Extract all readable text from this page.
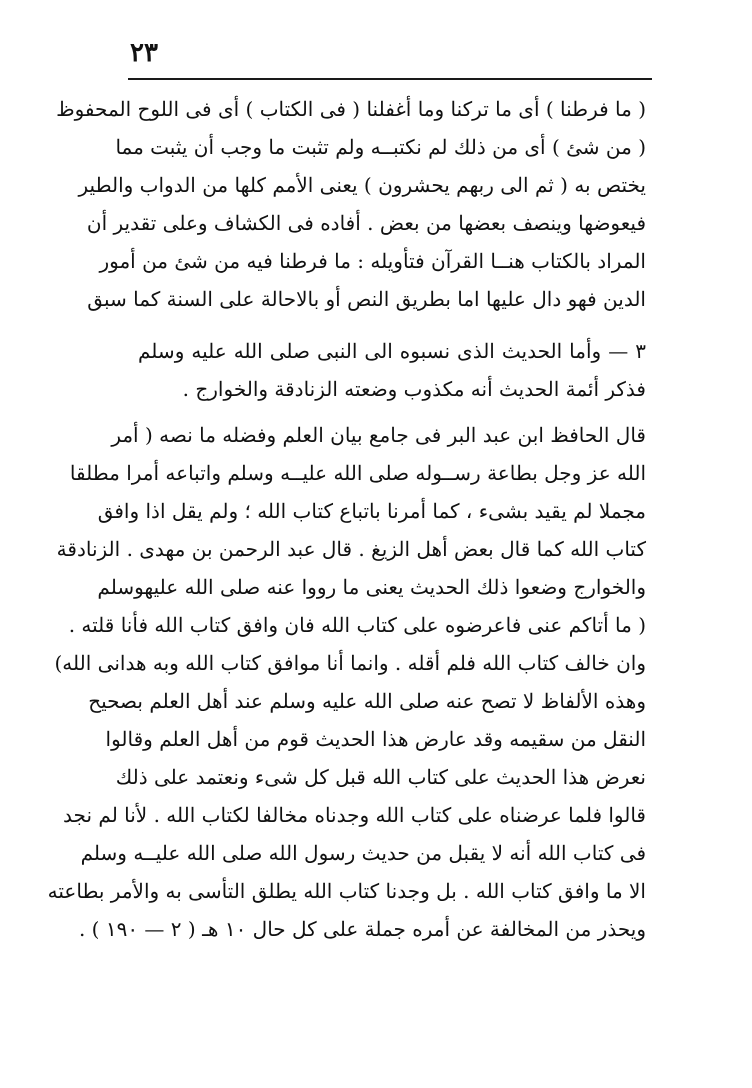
٢٣
( ما فرطنا ) أى ما تركنا وما أغفلنا ( فى الكتاب ) أى فى اللوح المحفوظ
( من شئ ) أى من ذلك لم نكتبــه ولم تثبت ما وجب أن يثبت مما
يختص به ( ثم الى ربهم يحشرون ) يعنى الأمم كلها من الدواب والطير
فيعوضها وينصف بعضها من بعض . أفاده فى الكشاف وعلى تقدير أن
المراد بالكتاب هنــا القرآن فتأويله : ما فرطنا فيه من شئ من أمور
الدين فهو دال عليها اما بطريق النص أو بالاحالة على السنة كما سبق
٣ — وأما الحديث الذى نسبوه الى النبى صلى الله عليه وسلم
فذكر أئمة الحديث أنه مكذوب وضعته الزنادقة والخوارج .
قال الحافظ ابن عبد البر فى جامع بيان العلم وفضله ما نصه ( أمر
الله عز وجل بطاعة رســوله صلى الله عليــه وسلم واتباعه أمرا مطلقا
مجملا لم يقيد بشىء ، كما أمرنا باتباع كتاب الله ؛ ولم يقل اذا وافق
كتاب الله كما قال بعض أهل الزيغ . قال عبد الرحمن بن مهدى . الزنادقة
والخوارج وضعوا ذلك الحديث يعنى ما رووا عنه صلى الله عليهوسلم
( ما أتاكم عنى فاعرضوه على كتاب الله فان وافق كتاب الله فأنا قلته .
وان خالف كتاب الله فلم أقله . وانما أنا موافق كتاب الله وبه هدانى الله)
وهذه الألفاظ لا تصح عنه صلى الله عليه وسلم عند أهل العلم بصحيح
النقل من سقيمه وقد عارض هذا الحديث قوم من أهل العلم وقالوا
نعرض هذا الحديث على كتاب الله قبل كل شىء ونعتمد على ذلك
قالوا فلما عرضناه على كتاب الله وجدناه مخالفا لكتاب الله . لأنا لم نجد
فى كتاب الله أنه لا يقبل من حديث رسول الله صلى الله عليــه وسلم
الا ما وافق كتاب الله . بل وجدنا كتاب الله يطلق التأسى به والأمر بطاعته
ويحذر من المخالفة عن أمره جملة على كل حال ١٠ هـ ( ٢ — ١٩٠ ) .
